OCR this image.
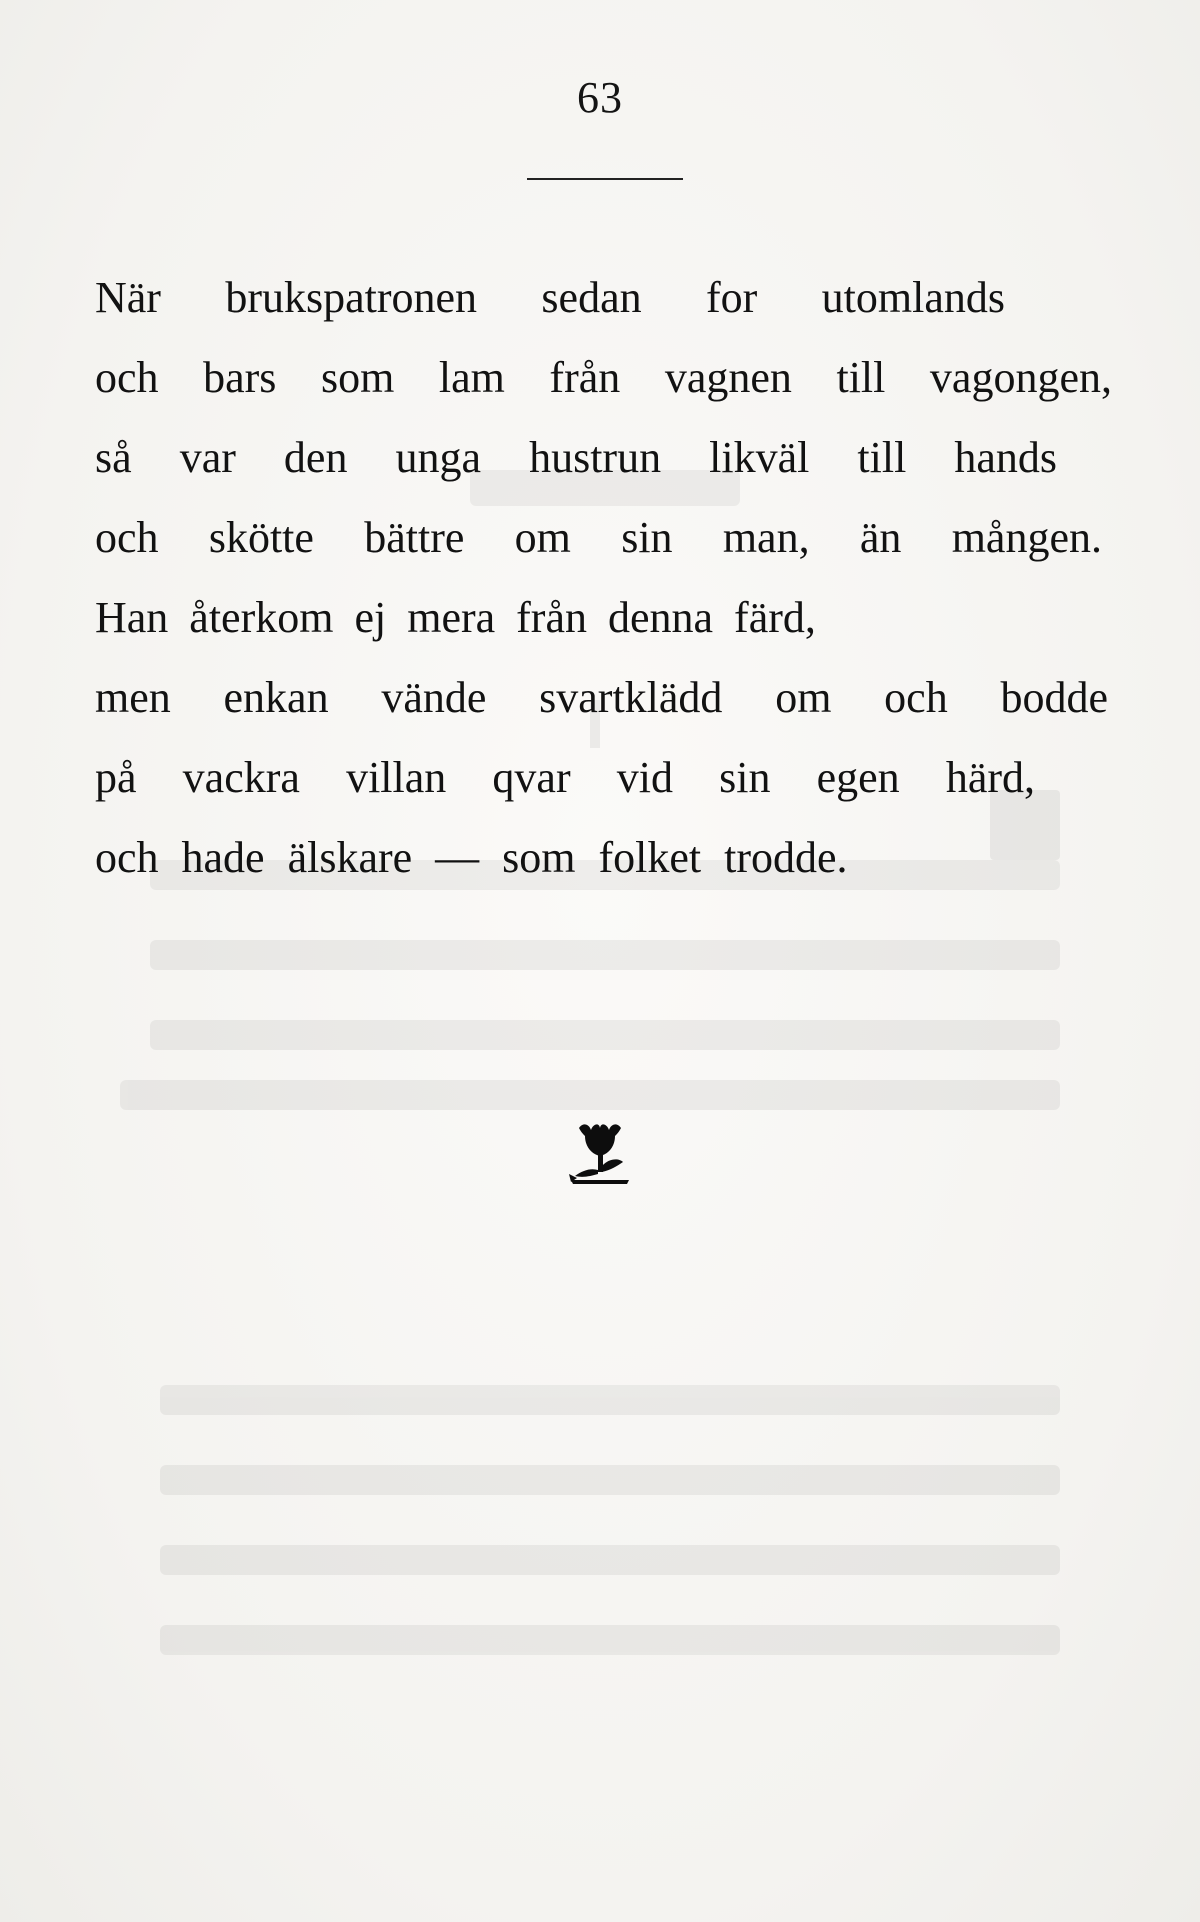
63
När brukspatronen sedan for utomlands
och bars som lam från vagnen till vagongen,
så var den unga hustrun likväl till hands
och skötte bättre om sin man, än mången.
Han återkom ej mera från denna färd,
men enkan vände svartklädd om och bodde
på vackra villan qvar vid sin egen härd,
och hade älskare — som folket trodde.
